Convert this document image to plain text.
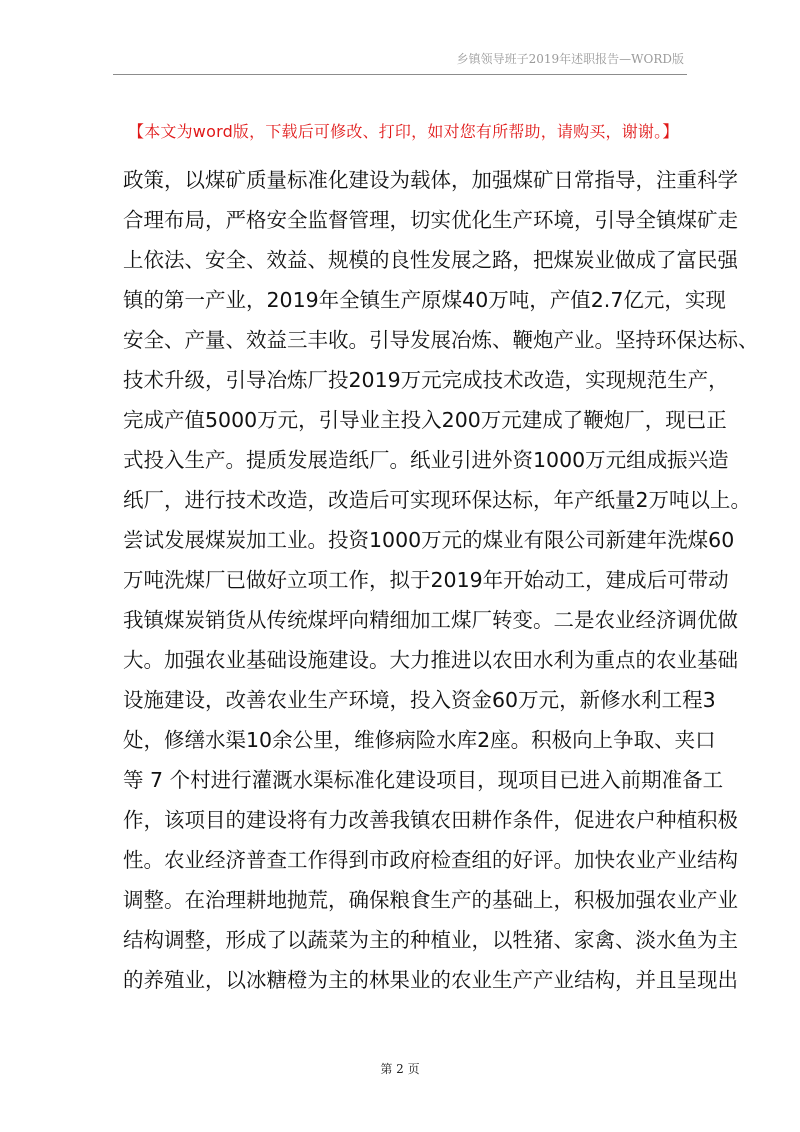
乡镇领导班子2019年述职报告—WORD版
【本文为word版，下载后可修改、打印，如对您有所帮助，请购买，谢谢。】
政策，以煤矿质量标准化建设为载体，加强煤矿日常指导，注重科学
合理布局，严格安全监督管理，切实优化生产环境，引导全镇煤矿走
上依法、安全、效益、规模的良性发展之路，把煤炭业做成了富民强
镇的第一产业，2019年全镇生产原煤40万吨，产值2.7亿元，实现
安全、产量、效益三丰收。引导发展冶炼、鞭炮产业。坚持环保达标、
技术升级，引导冶炼厂投2019万元完成技术改造，实现规范生产，
完成产值5000万元，引导业主投入200万元建成了鞭炮厂，现已正
式投入生产。提质发展造纸厂。纸业引进外资1000万元组成振兴造
纸厂，进行技术改造，改造后可实现环保达标，年产纸量2万吨以上。
尝试发展煤炭加工业。投资1000万元的煤业有限公司新建年洗煤60
万吨洗煤厂已做好立项工作，拟于2019年开始动工，建成后可带动
我镇煤炭销货从传统煤坪向精细加工煤厂转变。二是农业经济调优做
大。加强农业基础设施建设。大力推进以农田水利为重点的农业基础
设施建设，改善农业生产环境，投入资金60万元，新修水利工程3
处，修缮水渠10余公里，维修病险水库2座。积极向上争取、夹口
等 7 个村进行灌溉水渠标准化建设项目，现项目已进入前期准备工
作，该项目的建设将有力改善我镇农田耕作条件，促进农户种植积极
性。农业经济普查工作得到市政府检查组的好评。加快农业产业结构
调整。在治理耕地抛荒，确保粮食生产的基础上，积极加强农业产业
结构调整，形成了以蔬菜为主的种植业，以牲猪、家禽、淡水鱼为主
的养殖业，以冰糖橙为主的林果业的农业生产产业结构，并且呈现出
第 2 页
